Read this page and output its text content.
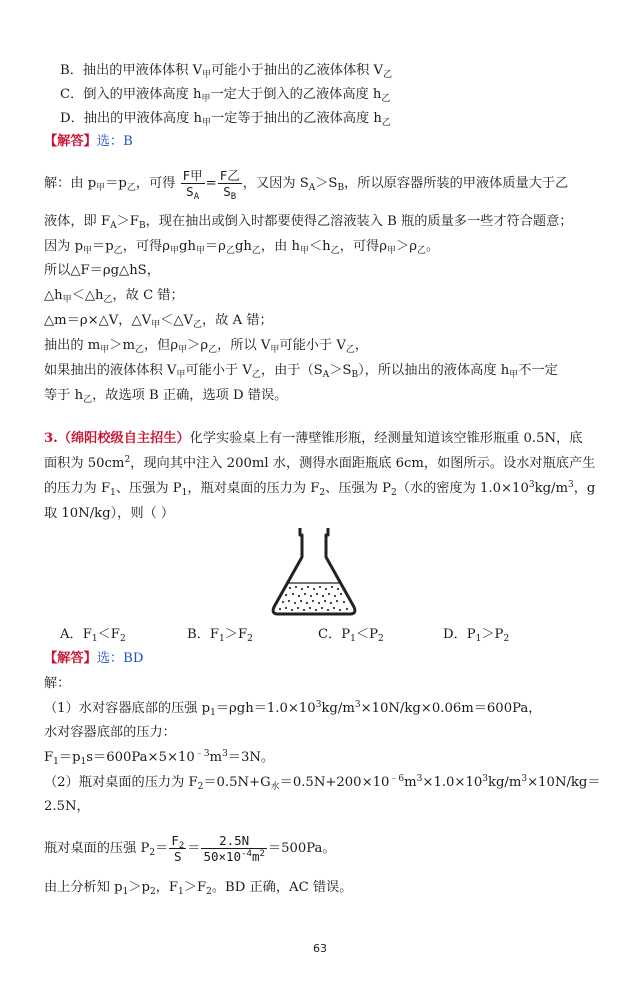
B．抽出的甲液体体积 $V_甲$可能小于抽出的乙液体体积 $V_乙$
C．倒入的甲液体高度 $h_甲$一定大于倒入的乙液体高度 $h_乙$
D．抽出的甲液体高度 $h_甲$一定等于抽出的乙液体高度 $h_乙$
【解答】选：B
解：由 $p_甲=p_乙$，可得 $\frac{\text{F甲}}{S_A} = \frac{\text{F乙}}{S_B}$ ，又因为 $S_A>S_B$，所以原容器所装的甲液体质量大于乙
液体，即 $F_A>F_B$，现在抽出或倒入时都要使得乙溶液装入 B 瓶的质量多一些才符合题意；
因为 $p_甲=p_乙$，可得$\rho_甲gh_甲=\rho_乙gh_乙$，由 $h_甲<h_乙$，可得$\rho_甲>\rho_乙$。
所以△F＝ρg△hS，
$\triangle h_甲<\triangle h_乙$，故 C 错；
△m＝ρ×△V，$\triangle V_甲<\triangle V_乙$，故 A 错；
抽出的 $m_甲>m_乙$，但$\rho_甲>\rho_乙$，所以 $V_甲$可能小于 $V_乙$，
如果抽出的液体体积 $V_甲$可能小于 $V_乙$，由于$(S_A>S_B)$，所以抽出的液体高度 $h_甲$不一定
等于 $h_乙$，故选项 B 正确，选项 D 错误。
3.（绵阳校级自主招生）化学实验桌上有一薄壁锥形瓶，经测量知道该空锥形瓶重 0.5N，底
面积为 $50cm^2$，现向其中注入 200ml 水，测得水面距瓶底 6cm，如图所示。设水对瓶底产生
的压力为 $F_1$、压强为 $P_1$，瓶对桌面的压力为 $F_2$、压强为 $P_2$（水的密度为 $1.0\times 10^3kg/m^3$，g
取 10N/kg），则（ ）
A．$F_1<F_2$	B．$F_1>F_2$	C．$P_1<P_2$	D．$P_1>P_2$
【解答】选：BD
解：
（1）水对容器底部的压强 $p_1=\rho gh=1.0\times 10^3kg/m^3\times 10N/kg\times 0.06m=600Pa$，
水对容器底部的压力：
$F_1=p_1s=600Pa\times 5\times 10^{﹣3}m^3=3N$。
（2）瓶对桌面的压力为 $F_2=0.5N+G_水=0.5N+200\times 10^{﹣6}m^3\times 1.0\times 10^3kg/m^3\times 10N/kg=$
2.5N，
瓶对桌面的压强 $P_2= \frac{F_2}{S} = \frac{2.5N}{50\times 10^{-4}m^2} =500Pa$。
由上分析知 $p_1>p_2$，$F_1>F_2$。BD 正确，AC 错误。
63
